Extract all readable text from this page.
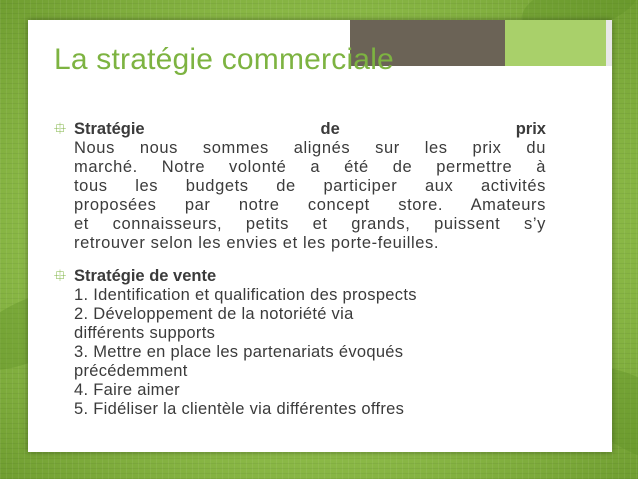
La stratégie commerciale
⯐ Stratégie	de	prix
Nous nous sommes alignés sur les prix du
marché. Notre volonté a été de permettre à
tous les budgets de participer aux activités
proposées par notre concept store. Amateurs
et connaisseurs, petits et grands, puissent s’y
retrouver selon les envies et les porte-feuilles.
⯐ Stratégie de vente
1. Identification et qualification des prospects
2. Développement de la notoriété via
différents supports
3. Mettre en place les partenariats évoqués
précédemment
4. Faire aimer
5. Fidéliser la clientèle via différentes offres
